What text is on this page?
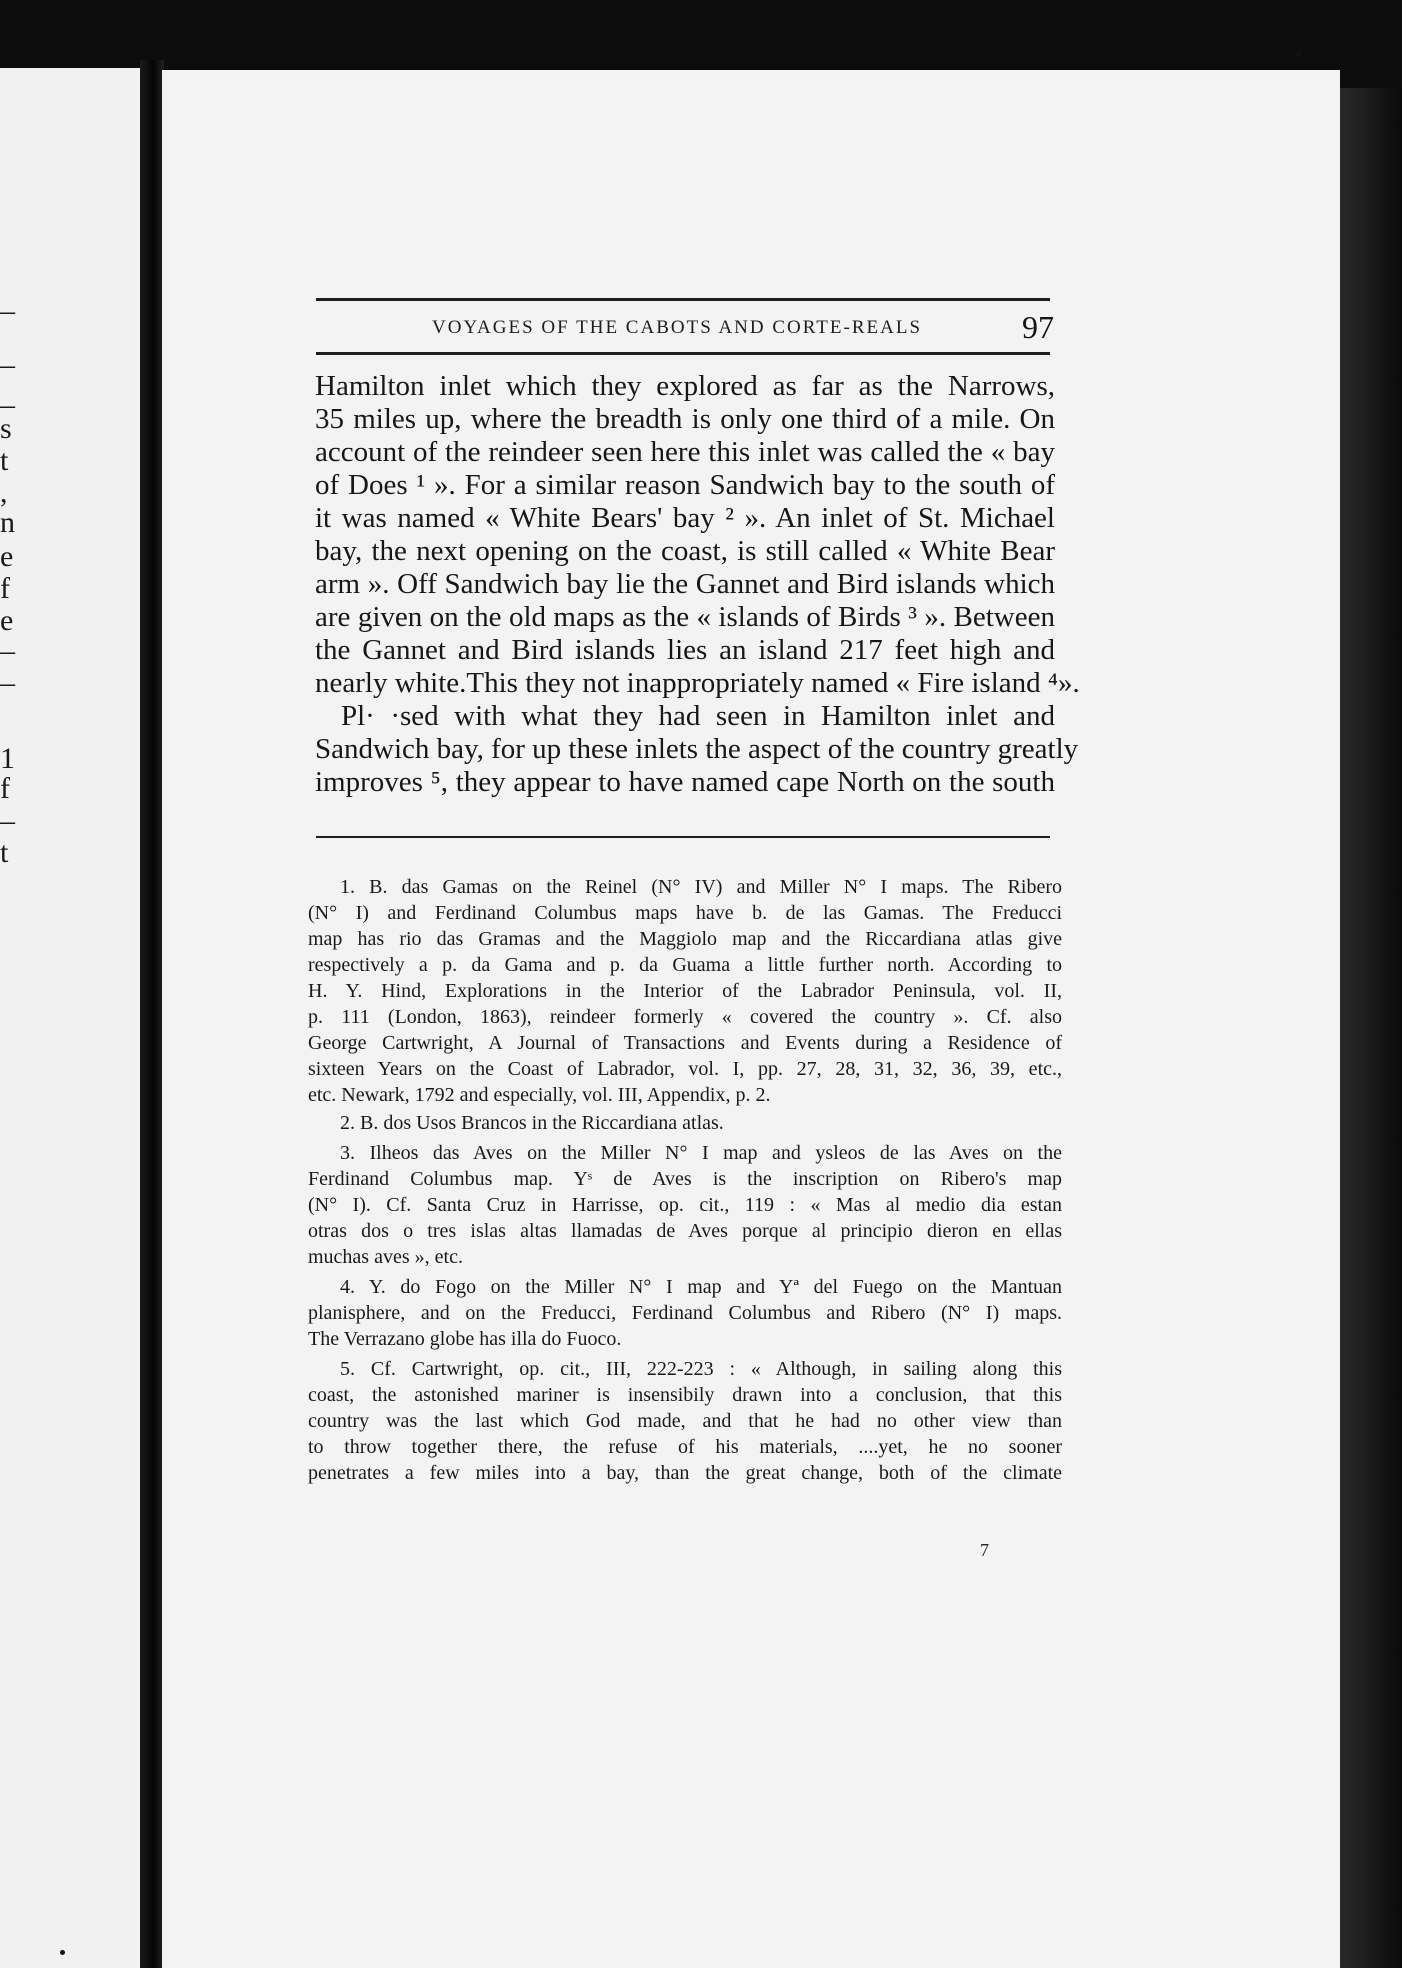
–
–
–
s
t
,
n
e
f
e
–
–
1
f
–
t
VOYAGES OF THE CABOTS AND CORTE-REALS	97
Hamilton inlet which they explored as far as the Narrows,
35 miles up, where the breadth is only one third of a mile. On
account of the reindeer seen here this inlet was called the « bay
of Does ¹ ». For a similar reason Sandwich bay to the south of
it was named « White Bears' bay ² ». An inlet of St. Michael
bay, the next opening on the coast, is still called « White Bear
arm ». Off Sandwich bay lie the Gannet and Bird islands which
are given on the old maps as the « islands of Birds ³ ». Between
the Gannet and Bird islands lies an island 217 feet high and
nearly white.This they not inappropriately named « Fire island ⁴».
Pl· ·sed with what they had seen in Hamilton inlet and
Sandwich bay, for up these inlets the aspect of the country greatly
improves ⁵, they appear to have named cape North on the south
1. B. das Gamas on the Reinel (N° IV) and Miller N° I maps. The Ribero
(N° I) and Ferdinand Columbus maps have b. de las Gamas. The Freducci
map has rio das Gramas and the Maggiolo map and the Riccardiana atlas give
respectively a p. da Gama and p. da Guama a little further north. According to
H. Y. Hind, Explorations in the Interior of the Labrador Peninsula, vol. II,
p. 111 (London, 1863), reindeer formerly « covered the country ». Cf. also
George Cartwright, A Journal of Transactions and Events during a Residence of
sixteen Years on the Coast of Labrador, vol. I, pp. 27, 28, 31, 32, 36, 39, etc.,
etc. Newark, 1792 and especially, vol. III, Appendix, p. 2.
2. B. dos Usos Brancos in the Riccardiana atlas.
3. Ilheos das Aves on the Miller N° I map and ysleos de las Aves on the
Ferdinand Columbus map. Yˢ de Aves is the inscription on Ribero's map
(N° I). Cf. Santa Cruz in Harrisse, op. cit., 119 : « Mas al medio dia estan
otras dos o tres islas altas llamadas de Aves porque al principio dieron en ellas
muchas aves », etc.
4. Y. do Fogo on the Miller N° I map and Yª del Fuego on the Mantuan
planisphere, and on the Freducci, Ferdinand Columbus and Ribero (N° I) maps.
The Verrazano globe has illa do Fuoco.
5. Cf. Cartwright, op. cit., III, 222-223 : « Although, in sailing along this
coast, the astonished mariner is insensibily drawn into a conclusion, that this
country was the last which God made, and that he had no other view than
to throw together there, the refuse of his materials, ....yet, he no sooner
penetrates a few miles into a bay, than the great change, both of the climate
7
